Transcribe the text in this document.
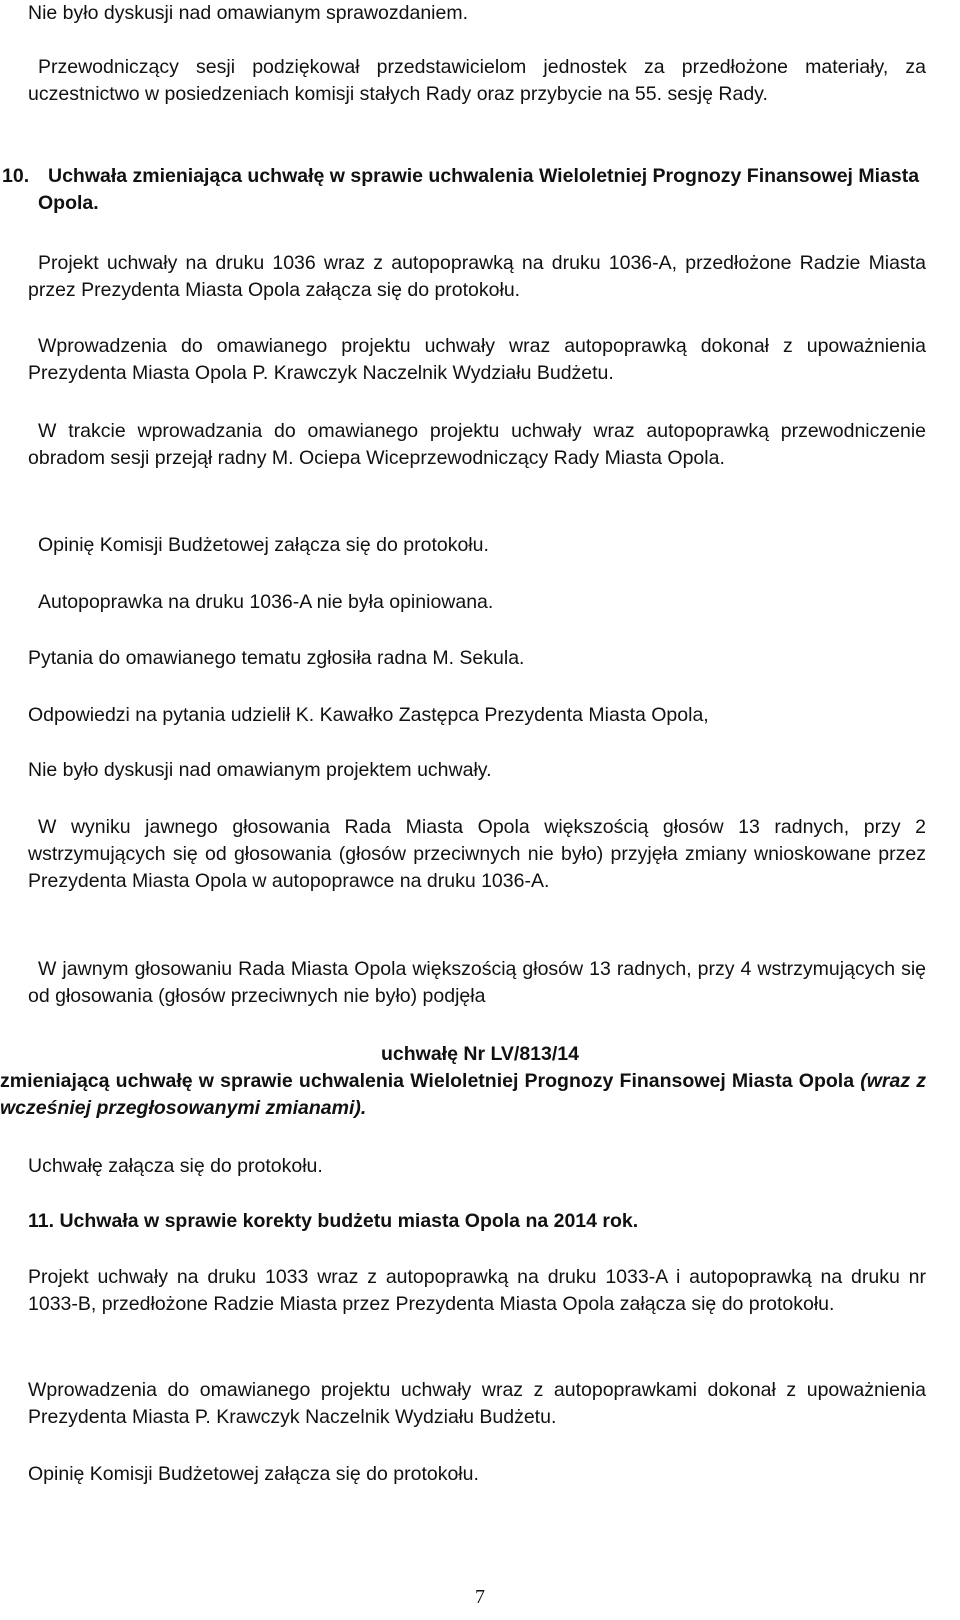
Nie było dyskusji nad omawianym sprawozdaniem.

Przewodniczący sesji podziękował przedstawicielom jednostek za przedłożone materiały, za uczestnictwo w posiedzeniach komisji stałych Rady oraz przybycie na 55. sesję Rady.

10. Uchwała zmieniająca uchwałę w sprawie uchwalenia Wieloletniej Prognozy Finansowej Miasta Opola.

Projekt uchwały na druku 1036 wraz z autopoprawką na druku 1036-A, przedłożone Radzie Miasta przez Prezydenta Miasta Opola załącza się do protokołu.

Wprowadzenia do omawianego projektu uchwały wraz autopoprawką dokonał z upoważnienia Prezydenta Miasta Opola P. Krawczyk Naczelnik Wydziału Budżetu.

W trakcie wprowadzania do omawianego projektu uchwały wraz autopoprawką przewodniczenie obradom sesji przejął radny M. Ociepa Wiceprzewodniczący Rady Miasta Opola.

Opinię Komisji Budżetowej załącza się do protokołu.

Autopoprawka na druku 1036-A nie była opiniowana.

Pytania do omawianego tematu zgłosiła radna M. Sekula.

Odpowiedzi na pytania udzielił K. Kawałko Zastępca Prezydenta Miasta Opola,

Nie było dyskusji nad omawianym projektem uchwały.

W wyniku jawnego głosowania Rada Miasta Opola większością głosów 13 radnych, przy 2 wstrzymujących się od głosowania (głosów przeciwnych nie było) przyjęła zmiany wnioskowane przez Prezydenta Miasta Opola w autopoprawce na druku 1036-A.

W jawnym głosowaniu Rada Miasta Opola większością głosów 13 radnych, przy 4 wstrzymujących się od głosowania (głosów przeciwnych nie było) podjęła

uchwałę Nr LV/813/14

zmieniającą uchwałę w sprawie uchwalenia Wieloletniej Prognozy Finansowej Miasta Opola (wraz z wcześniej przegłosowanymi zmianami).

Uchwałę załącza się do protokołu.

11. Uchwała w sprawie korekty budżetu miasta Opola na 2014 rok.

Projekt uchwały na druku 1033 wraz z autopoprawką na druku 1033-A i autopoprawką na druku nr 1033-B, przedłożone Radzie Miasta przez Prezydenta Miasta Opola załącza się do protokołu.

Wprowadzenia do omawianego projektu uchwały wraz z autopoprawkami dokonał z upoważnienia Prezydenta Miasta P. Krawczyk Naczelnik Wydziału Budżetu.

Opinię Komisji Budżetowej załącza się do protokołu.

7
